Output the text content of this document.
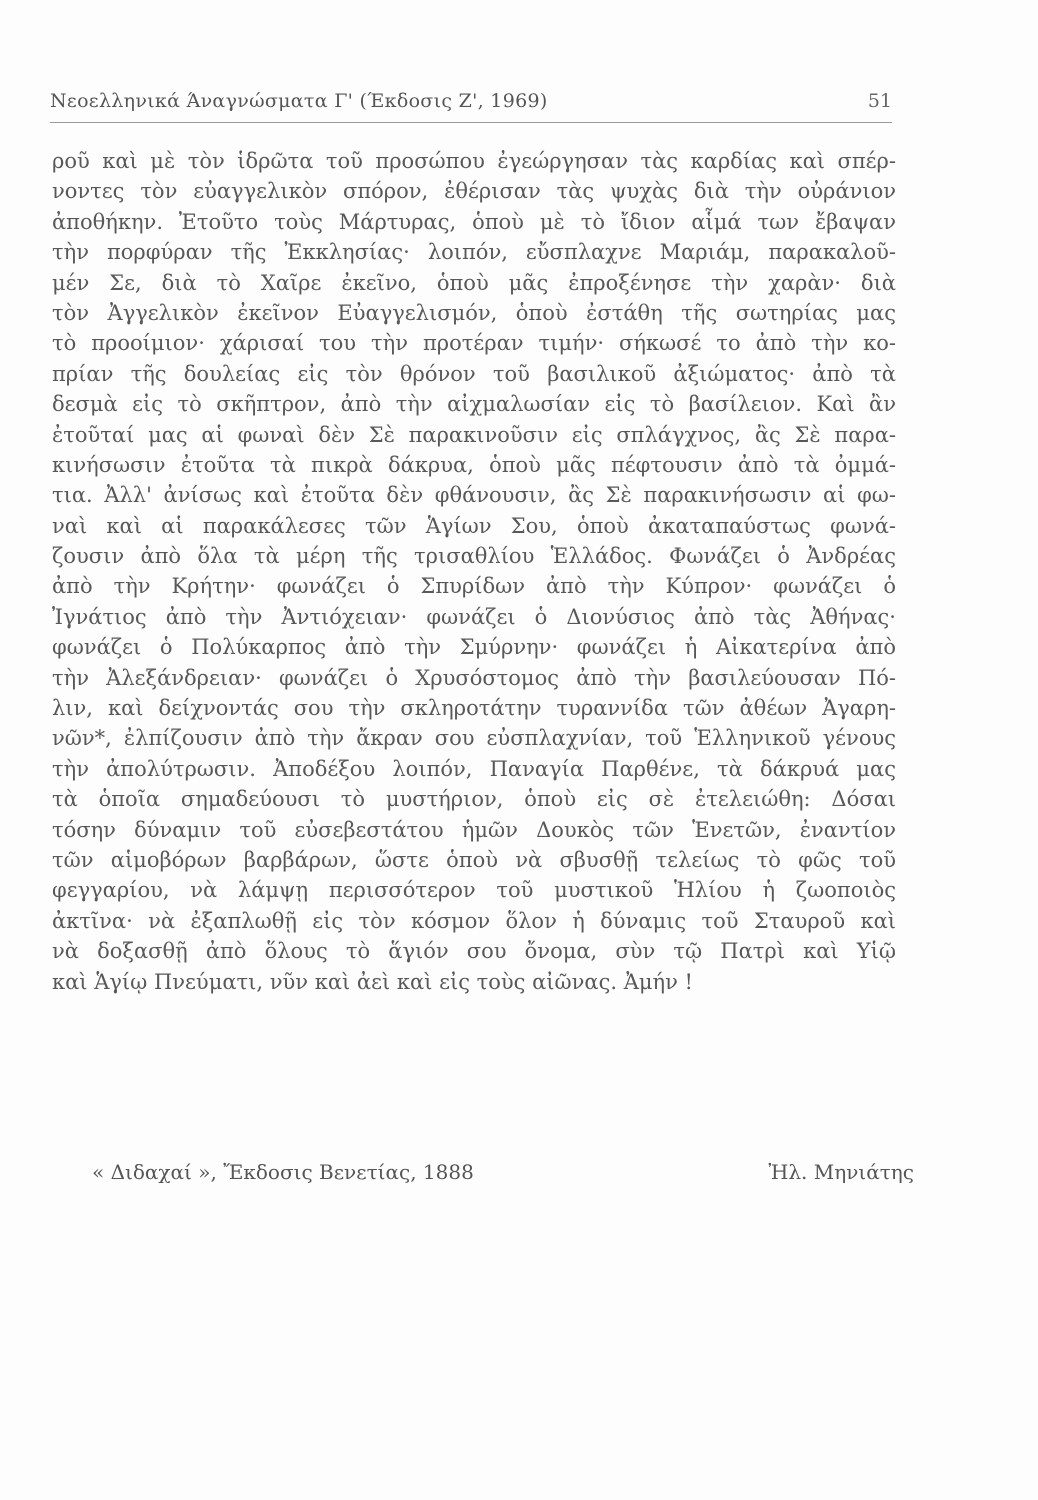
Νεοελληνικά Άναγνώσματα Γ' (Έκδοσις Ζ', 1969)	51
ροῦ καὶ μὲ τὸν ἱδρῶτα τοῦ προσώπου ἐγεώργησαν τὰς καρδίας καὶ σπέρ-
νοντες τὸν εὐαγγελικὸν σπόρον, ἐθέρισαν τὰς ψυχὰς διὰ τὴν οὐράνιον
ἀποθήκην. Ἐτοῦτο τοὺς Μάρτυρας, ὁποὺ μὲ τὸ ἴδιον αἷμά των ἔβαψαν
τὴν πορφύραν τῆς Ἐκκλησίας· λοιπόν, εὔσπλαχνε Μαριάμ, παρακαλοῦ-
μέν Σε, διὰ τὸ Χαῖρε ἐκεῖνο, ὁποὺ μᾶς ἐπροξένησε τὴν χαρὰν· διὰ
τὸν Ἀγγελικὸν ἐκεῖνον Εὐαγγελισμόν, ὁποὺ ἐστάθη τῆς σωτηρίας μας
τὸ προοίμιον· χάρισαί του τὴν προτέραν τιμήν· σήκωσέ το ἀπὸ τὴν κο-
πρίαν τῆς δουλείας εἰς τὸν θρόνον τοῦ βασιλικοῦ ἀξιώματος· ἀπὸ τὰ
δεσμὰ εἰς τὸ σκῆπτρον, ἀπὸ τὴν αἰχμαλωσίαν εἰς τὸ βασίλειον. Καὶ ἂν
ἐτοῦταί μας αἱ φωναὶ δὲν Σὲ παρακινοῦσιν εἰς σπλάγχνος, ἂς Σὲ παρα-
κινήσωσιν ἐτοῦτα τὰ πικρὰ δάκρυα, ὁποὺ μᾶς πέφτουσιν ἀπὸ τὰ ὀμμά-
τια. Ἀλλ' ἀνίσως καὶ ἐτοῦτα δὲν φθάνουσιν, ἂς Σὲ παρακινήσωσιν αἱ φω-
ναὶ καὶ αἱ παρακάλεσες τῶν Ἁγίων Σου, ὁποὺ ἀκαταπαύστως φωνά-
ζουσιν ἀπὸ ὅλα τὰ μέρη τῆς τρισαθλίου Ἑλλάδος. Φωνάζει ὁ Ἀνδρέας
ἀπὸ τὴν Κρήτην· φωνάζει ὁ Σπυρίδων ἀπὸ τὴν Κύπρον· φωνάζει ὁ
Ἰγνάτιος ἀπὸ τὴν Ἀντιόχειαν· φωνάζει ὁ Διονύσιος ἀπὸ τὰς Ἀθήνας·
φωνάζει ὁ Πολύκαρπος ἀπὸ τὴν Σμύρνην· φωνάζει ἡ Αἰκατερίνα ἀπὸ
τὴν Ἀλεξάνδρειαν· φωνάζει ὁ Χρυσόστομος ἀπὸ τὴν βασιλεύουσαν Πό-
λιν, καὶ δείχνοντάς σου τὴν σκληροτάτην τυραννίδα τῶν ἀθέων Ἀγαρη-
νῶν*, ἐλπίζουσιν ἀπὸ τὴν ἄκραν σου εὐσπλαχνίαν, τοῦ Ἑλληνικοῦ γένους
τὴν ἀπολύτρωσιν. Ἀποδέξου λοιπόν, Παναγία Παρθένε, τὰ δάκρυά μας
τὰ ὁποῖα σημαδεύουσι τὸ μυστήριον, ὁποὺ εἰς σὲ ἐτελειώθη: Δόσαι
τόσην δύναμιν τοῦ εὐσεβεστάτου ἡμῶν Δουκὸς τῶν Ἑνετῶν, ἐναντίον
τῶν αἱμοβόρων βαρβάρων, ὥστε ὁποὺ νὰ σβυσθῇ τελείως τὸ φῶς τοῦ
φεγγαρίου, νὰ λάμψῃ περισσότερον τοῦ μυστικοῦ Ἡλίου ἡ ζωοποιὸς
ἀκτῖνα· νὰ ἐξαπλωθῇ εἰς τὸν κόσμον ὅλον ἡ δύναμις τοῦ Σταυροῦ καὶ
νὰ δοξασθῇ ἀπὸ ὅλους τὸ ἅγιόν σου ὄνομα, σὺν τῷ Πατρὶ καὶ Υἱῷ
καὶ Ἁγίῳ Πνεύματι, νῦν καὶ ἀεὶ καὶ εἰς τοὺς αἰῶνας. Ἀμήν !
« Διδαχαί », Ἔκδοσις Βενετίας, 1888	Ἠλ. Μηνιάτης
